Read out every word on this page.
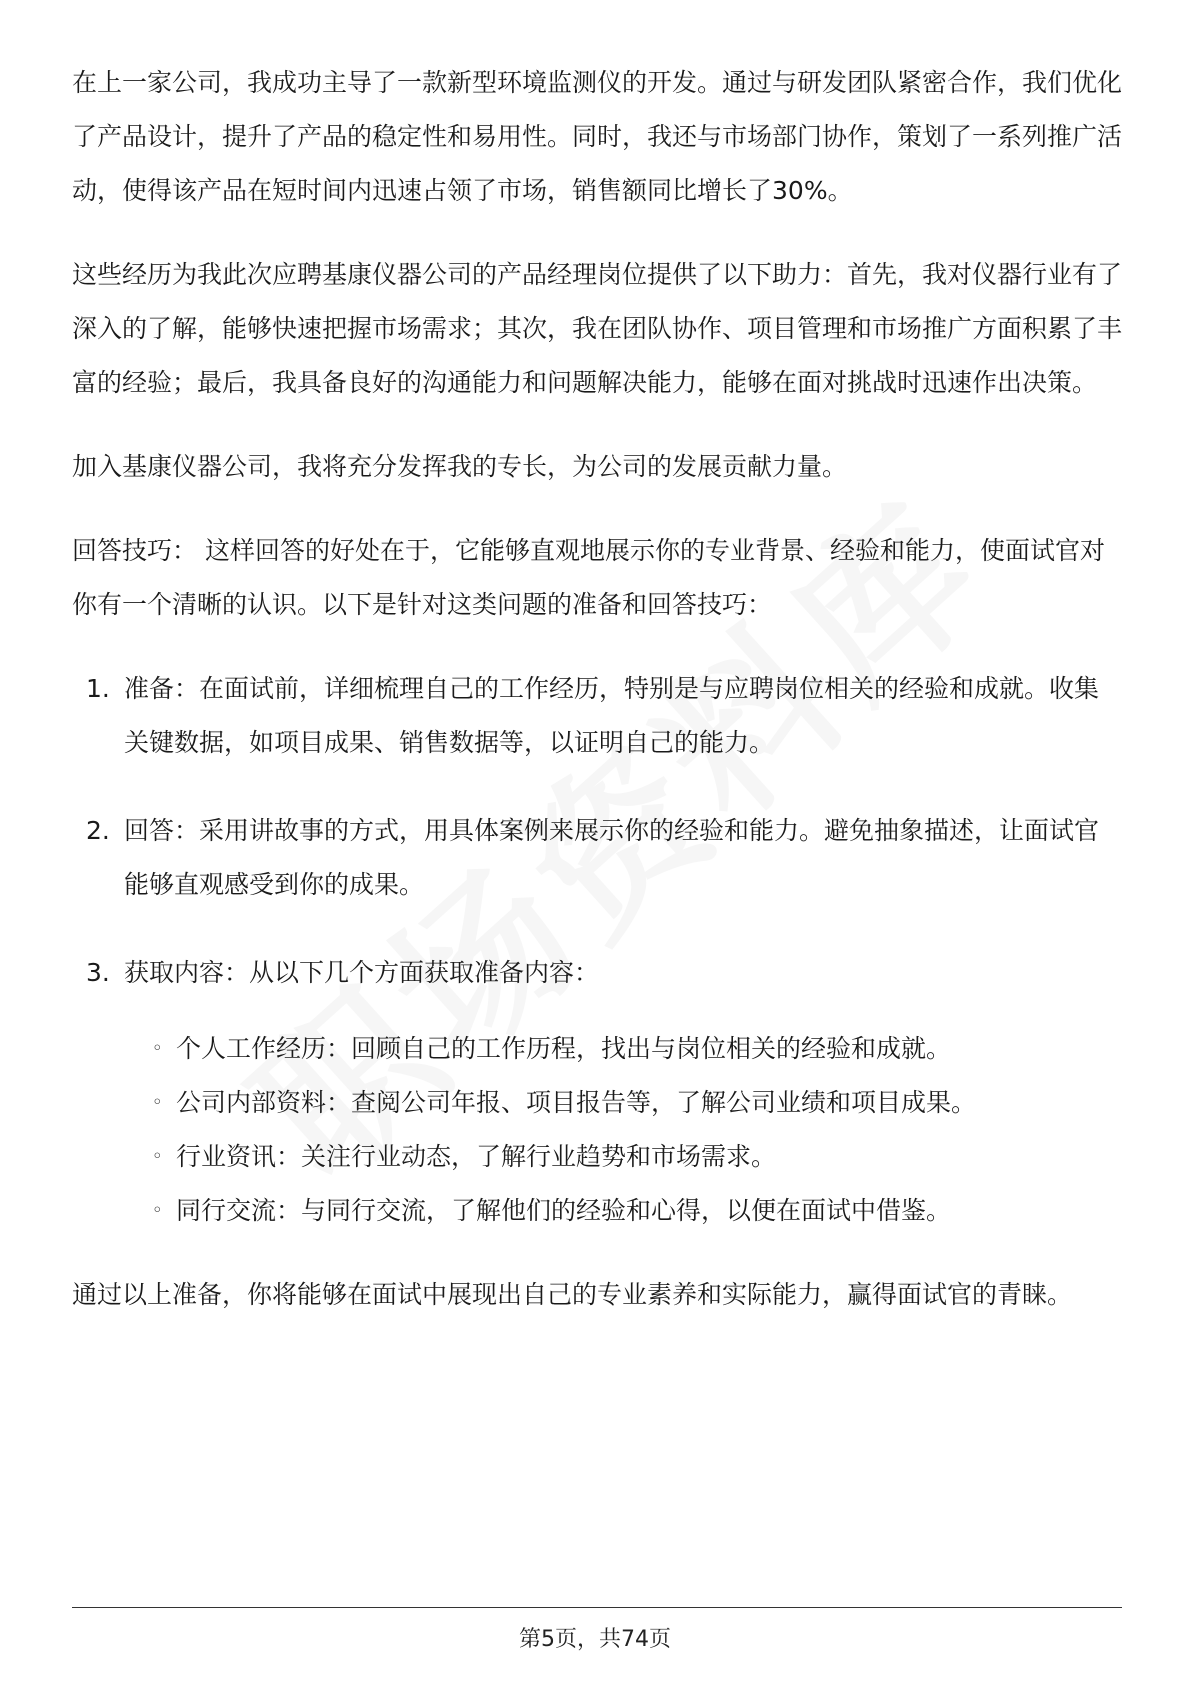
在上一家公司，我成功主导了一款新型环境监测仪的开发。通过与研发团队紧密合作，我们优化了产品设计，提升了产品的稳定性和易用性。同时，我还与市场部门协作，策划了一系列推广活动，使得该产品在短时间内迅速占领了市场，销售额同比增长了30%。

这些经历为我此次应聘基康仪器公司的产品经理岗位提供了以下助力：首先，我对仪器行业有了深入的了解，能够快速把握市场需求；其次，我在团队协作、项目管理和市场推广方面积累了丰富的经验；最后，我具备良好的沟通能力和问题解决能力，能够在面对挑战时迅速作出决策。

加入基康仪器公司，我将充分发挥我的专长，为公司的发展贡献力量。

回答技巧： 这样回答的好处在于，它能够直观地展示你的专业背景、经验和能力，使面试官对你有一个清晰的认识。以下是针对这类问题的准备和回答技巧：

1. 准备：在面试前，详细梳理自己的工作经历，特别是与应聘岗位相关的经验和成就。收集关键数据，如项目成果、销售数据等，以证明自己的能力。
2. 回答：采用讲故事的方式，用具体案例来展示你的经验和能力。避免抽象描述，让面试官能够直观感受到你的成果。
3. 获取内容：从以下几个方面获取准备内容：
◦ 个人工作经历：回顾自己的工作历程，找出与岗位相关的经验和成就。
◦ 公司内部资料：查阅公司年报、项目报告等，了解公司业绩和项目成果。
◦ 行业资讯：关注行业动态，了解行业趋势和市场需求。
◦ 同行交流：与同行交流，了解他们的经验和心得，以便在面试中借鉴。

通过以上准备，你将能够在面试中展现出自己的专业素养和实际能力，赢得面试官的青睐。

第5页，共74页
